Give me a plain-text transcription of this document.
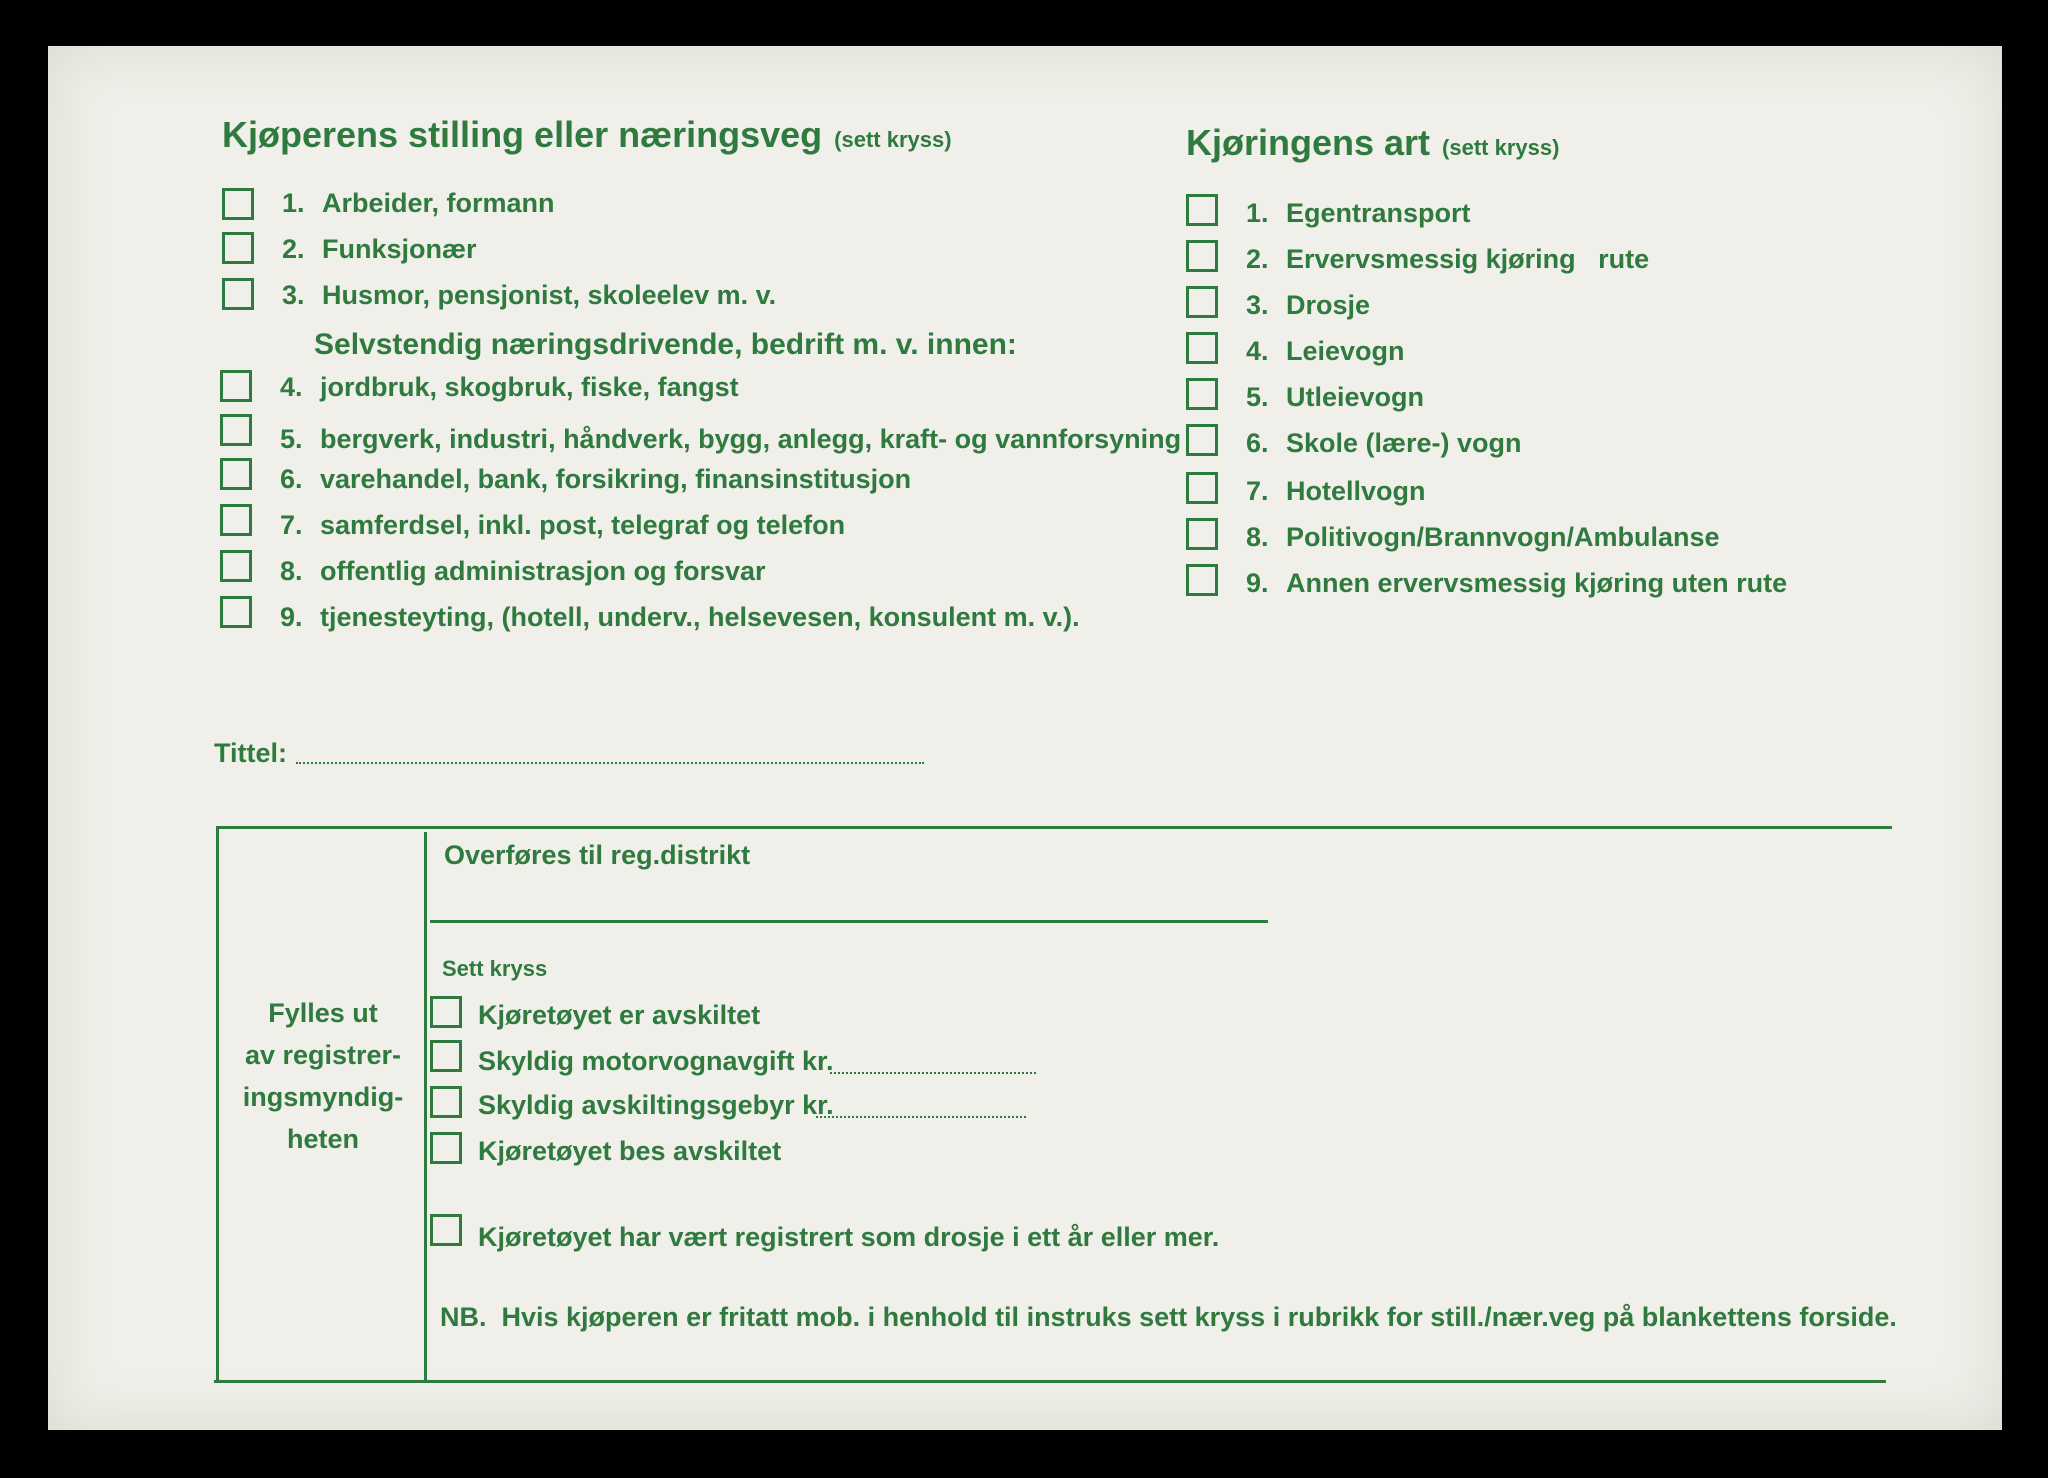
Kjøperens stilling eller næringsveg (sett kryss)
1. Arbeider, formann
2. Funksjonær
3. Husmor, pensjonist, skoleelev m. v.
Selvstendig næringsdrivende, bedrift m. v. innen:
4. jordbruk, skogbruk, fiske, fangst
5. bergverk, industri, håndverk, bygg, anlegg, kraft- og vannforsyning
6. varehandel, bank, forsikring, finansinstitusjon
7. samferdsel, inkl. post, telegraf og telefon
8. offentlig administrasjon og forsvar
9. tjenesteyting, (hotell, underv., helsevesen, konsulent m. v.).
Kjøringens art (sett kryss)
1. Egentransport
2. Ervervsmessig kjøring   rute
3. Drosje
4. Leievogn
5. Utleievogn
6. Skole (lære-) vogn
7. Hotellvogn
8. Politivogn/Brannvogn/Ambulanse
9. Annen ervervsmessig kjøring uten rute
Tittel:
Fylles ut
av registrer-
ingsmyndig-
heten
Overføres til reg.distrikt
Sett kryss
Kjøretøyet er avskiltet
Skyldig motorvognavgift kr.
Skyldig avskiltingsgebyr kr.
Kjøretøyet bes avskiltet
Kjøretøyet har vært registrert som drosje i ett år eller mer.
NB.  Hvis kjøperen er fritatt mob. i henhold til instruks sett kryss i rubrikk for still./nær.veg på blankettens forside.
